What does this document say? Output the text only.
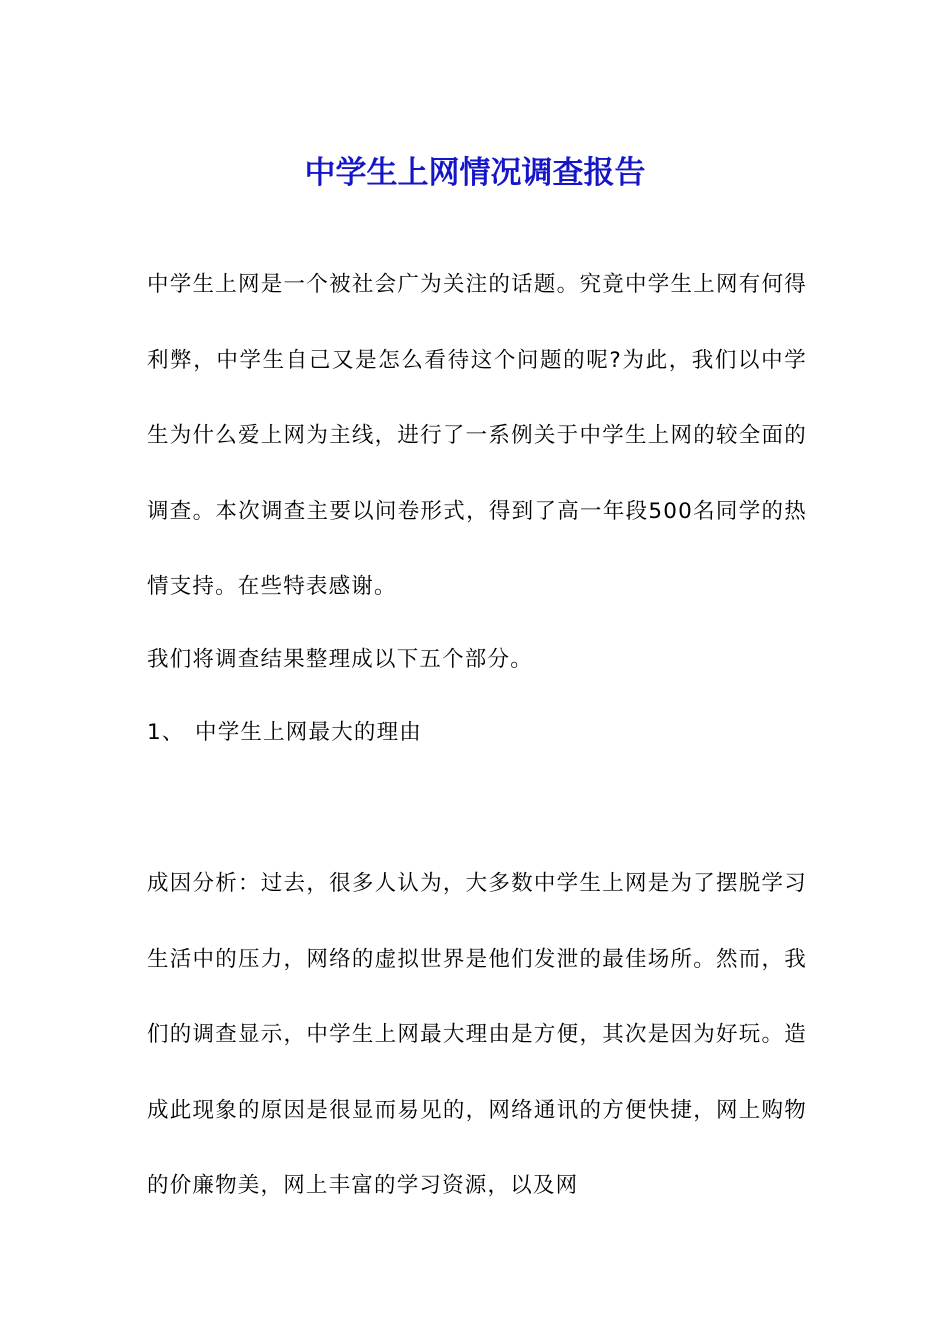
中学生上网情况调查报告

中学生上网是一个被社会广为关注的话题。究竟中学生上网有何得利弊，中学生自己又是怎么看待这个问题的呢?为此，我们以中学生为什么爱上网为主线，进行了一系例关于中学生上网的较全面的调查。本次调查主要以问卷形式，得到了高一年段500名同学的热情支持。在些特表感谢。

我们将调查结果整理成以下五个部分。

1、 中学生上网最大的理由

成因分析：过去，很多人认为，大多数中学生上网是为了摆脱学习生活中的压力，网络的虚拟世界是他们发泄的最佳场所。然而，我们的调查显示，中学生上网最大理由是方便，其次是因为好玩。造成此现象的原因是很显而易见的，网络通讯的方便快捷，网上购物的价廉物美，网上丰富的学习资源，以及网
